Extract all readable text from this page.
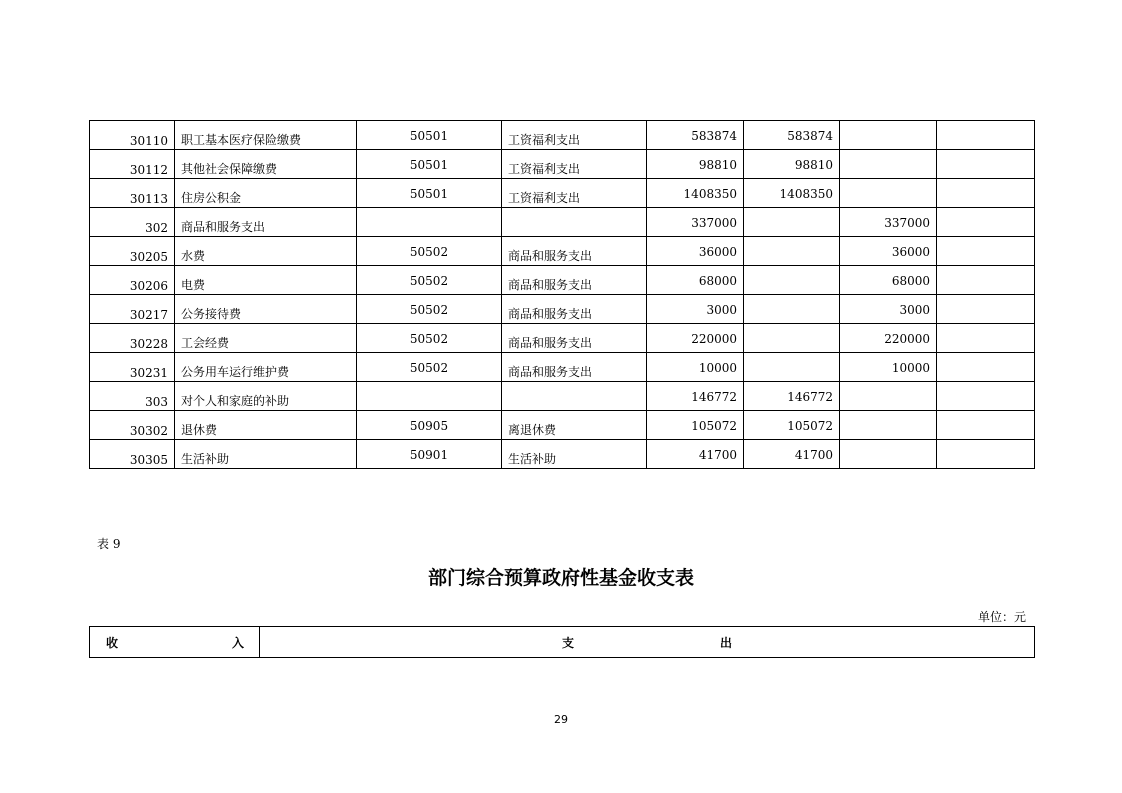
30110	职工基本医疗保险缴费	50501	工资福利支出	583874	583874		
30112	其他社会保障缴费	50501	工资福利支出	98810	98810		
30113	住房公积金	50501	工资福利支出	1408350	1408350		
302	商品和服务支出			337000		337000	
30205	水费	50502	商品和服务支出	36000		36000	
30206	电费	50502	商品和服务支出	68000		68000	
30217	公务接待费	50502	商品和服务支出	3000		3000	
30228	工会经费	50502	商品和服务支出	220000		220000	
30231	公务用车运行维护费	50502	商品和服务支出	10000		10000	
303	对个人和家庭的补助			146772	146772		
30302	退休费	50905	离退休费	105072	105072		
30305	生活补助	50901	生活补助	41700	41700		
表 9
部门综合预算政府性基金收支表
单位：元
收	入	支	出
29
